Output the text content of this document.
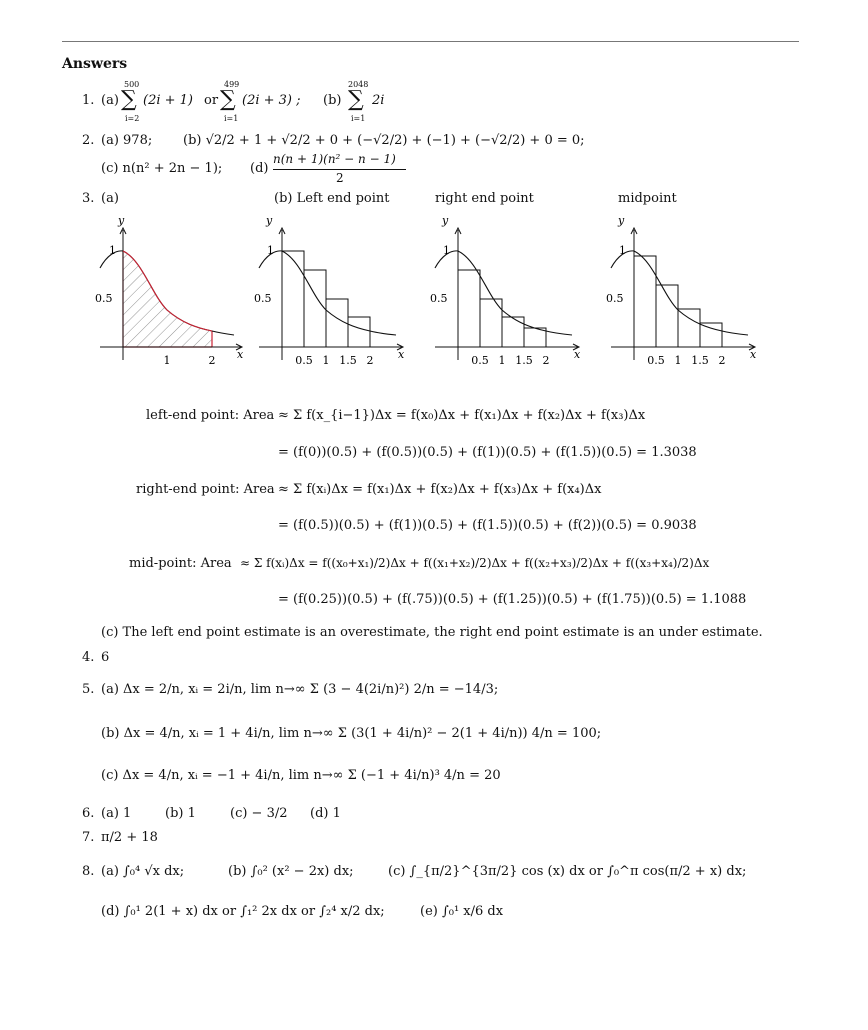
Answers
1. (a)
500
∑
i=2
(2i + 1) or
499
∑
i=1
(2i + 3) ; (b)
2048
∑
i=1
2i
2. (a) 978; (b) √2/2 + 1 + √2/2 + 0 + (−√2/2) + (−1) + (−√2/2) + 0 = 0;
(c) n(n² + 2n − 1); (d)
n(n + 1)(n² − n − 1)
2
3. (a)	(b) Left end point	right end point	midpoint
y
x
1
0.5
1	2
y
x
1
0.5
0.5 1 1.5 2
y
x
1
0.5
0.5 1 1.5 2
y
x
1
0.5
0.5 1 1.5 2
left-end point: Area ≈ Σ f(x_{i−1})Δx = f(x₀)Δx + f(x₁)Δx + f(x₂)Δx + f(x₃)Δx
= (f(0))(0.5) + (f(0.5))(0.5) + (f(1))(0.5) + (f(1.5))(0.5) = 1.3038
right-end point: Area ≈ Σ f(xᵢ)Δx = f(x₁)Δx + f(x₂)Δx + f(x₃)Δx + f(x₄)Δx
= (f(0.5))(0.5) + (f(1))(0.5) + (f(1.5))(0.5) + (f(2))(0.5) = 0.9038
mid-point: Area ≈ Σ f(xᵢ)Δx = f((x₀+x₁)/2)Δx + f((x₁+x₂)/2)Δx + f((x₂+x₃)/2)Δx + f((x₃+x₄)/2)Δx
= (f(0.25))(0.5) + (f(.75))(0.5) + (f(1.25))(0.5) + (f(1.75))(0.5) = 1.1088
(c) The left end point estimate is an overestimate, the right end point estimate is an under estimate.
4. 6
5. (a) Δx = 2/n, xᵢ = 2i/n, lim n→∞ Σ (3 − 4(2i/n)²) 2/n = −14/3;
(b) Δx = 4/n, xᵢ = 1 + 4i/n, lim n→∞ Σ (3(1 + 4i/n)² − 2(1 + 4i/n)) 4/n = 100;
(c) Δx = 4/n, xᵢ = −1 + 4i/n, lim n→∞ Σ (−1 + 4i/n)³ 4/n = 20
6. (a) 1	(b) 1	(c) − 3/2 (d) 1
7. π/2 + 18
8. (a) ∫₀⁴ √x dx;	(b) ∫₀² (x² − 2x) dx;	(c) ∫_{π/2}^{3π/2} cos (x) dx or ∫₀^π cos(π/2 + x) dx;
(d) ∫₀¹ 2(1 + x) dx or ∫₁² 2x dx or ∫₂⁴ x/2 dx;	(e) ∫₀¹ x/6 dx
